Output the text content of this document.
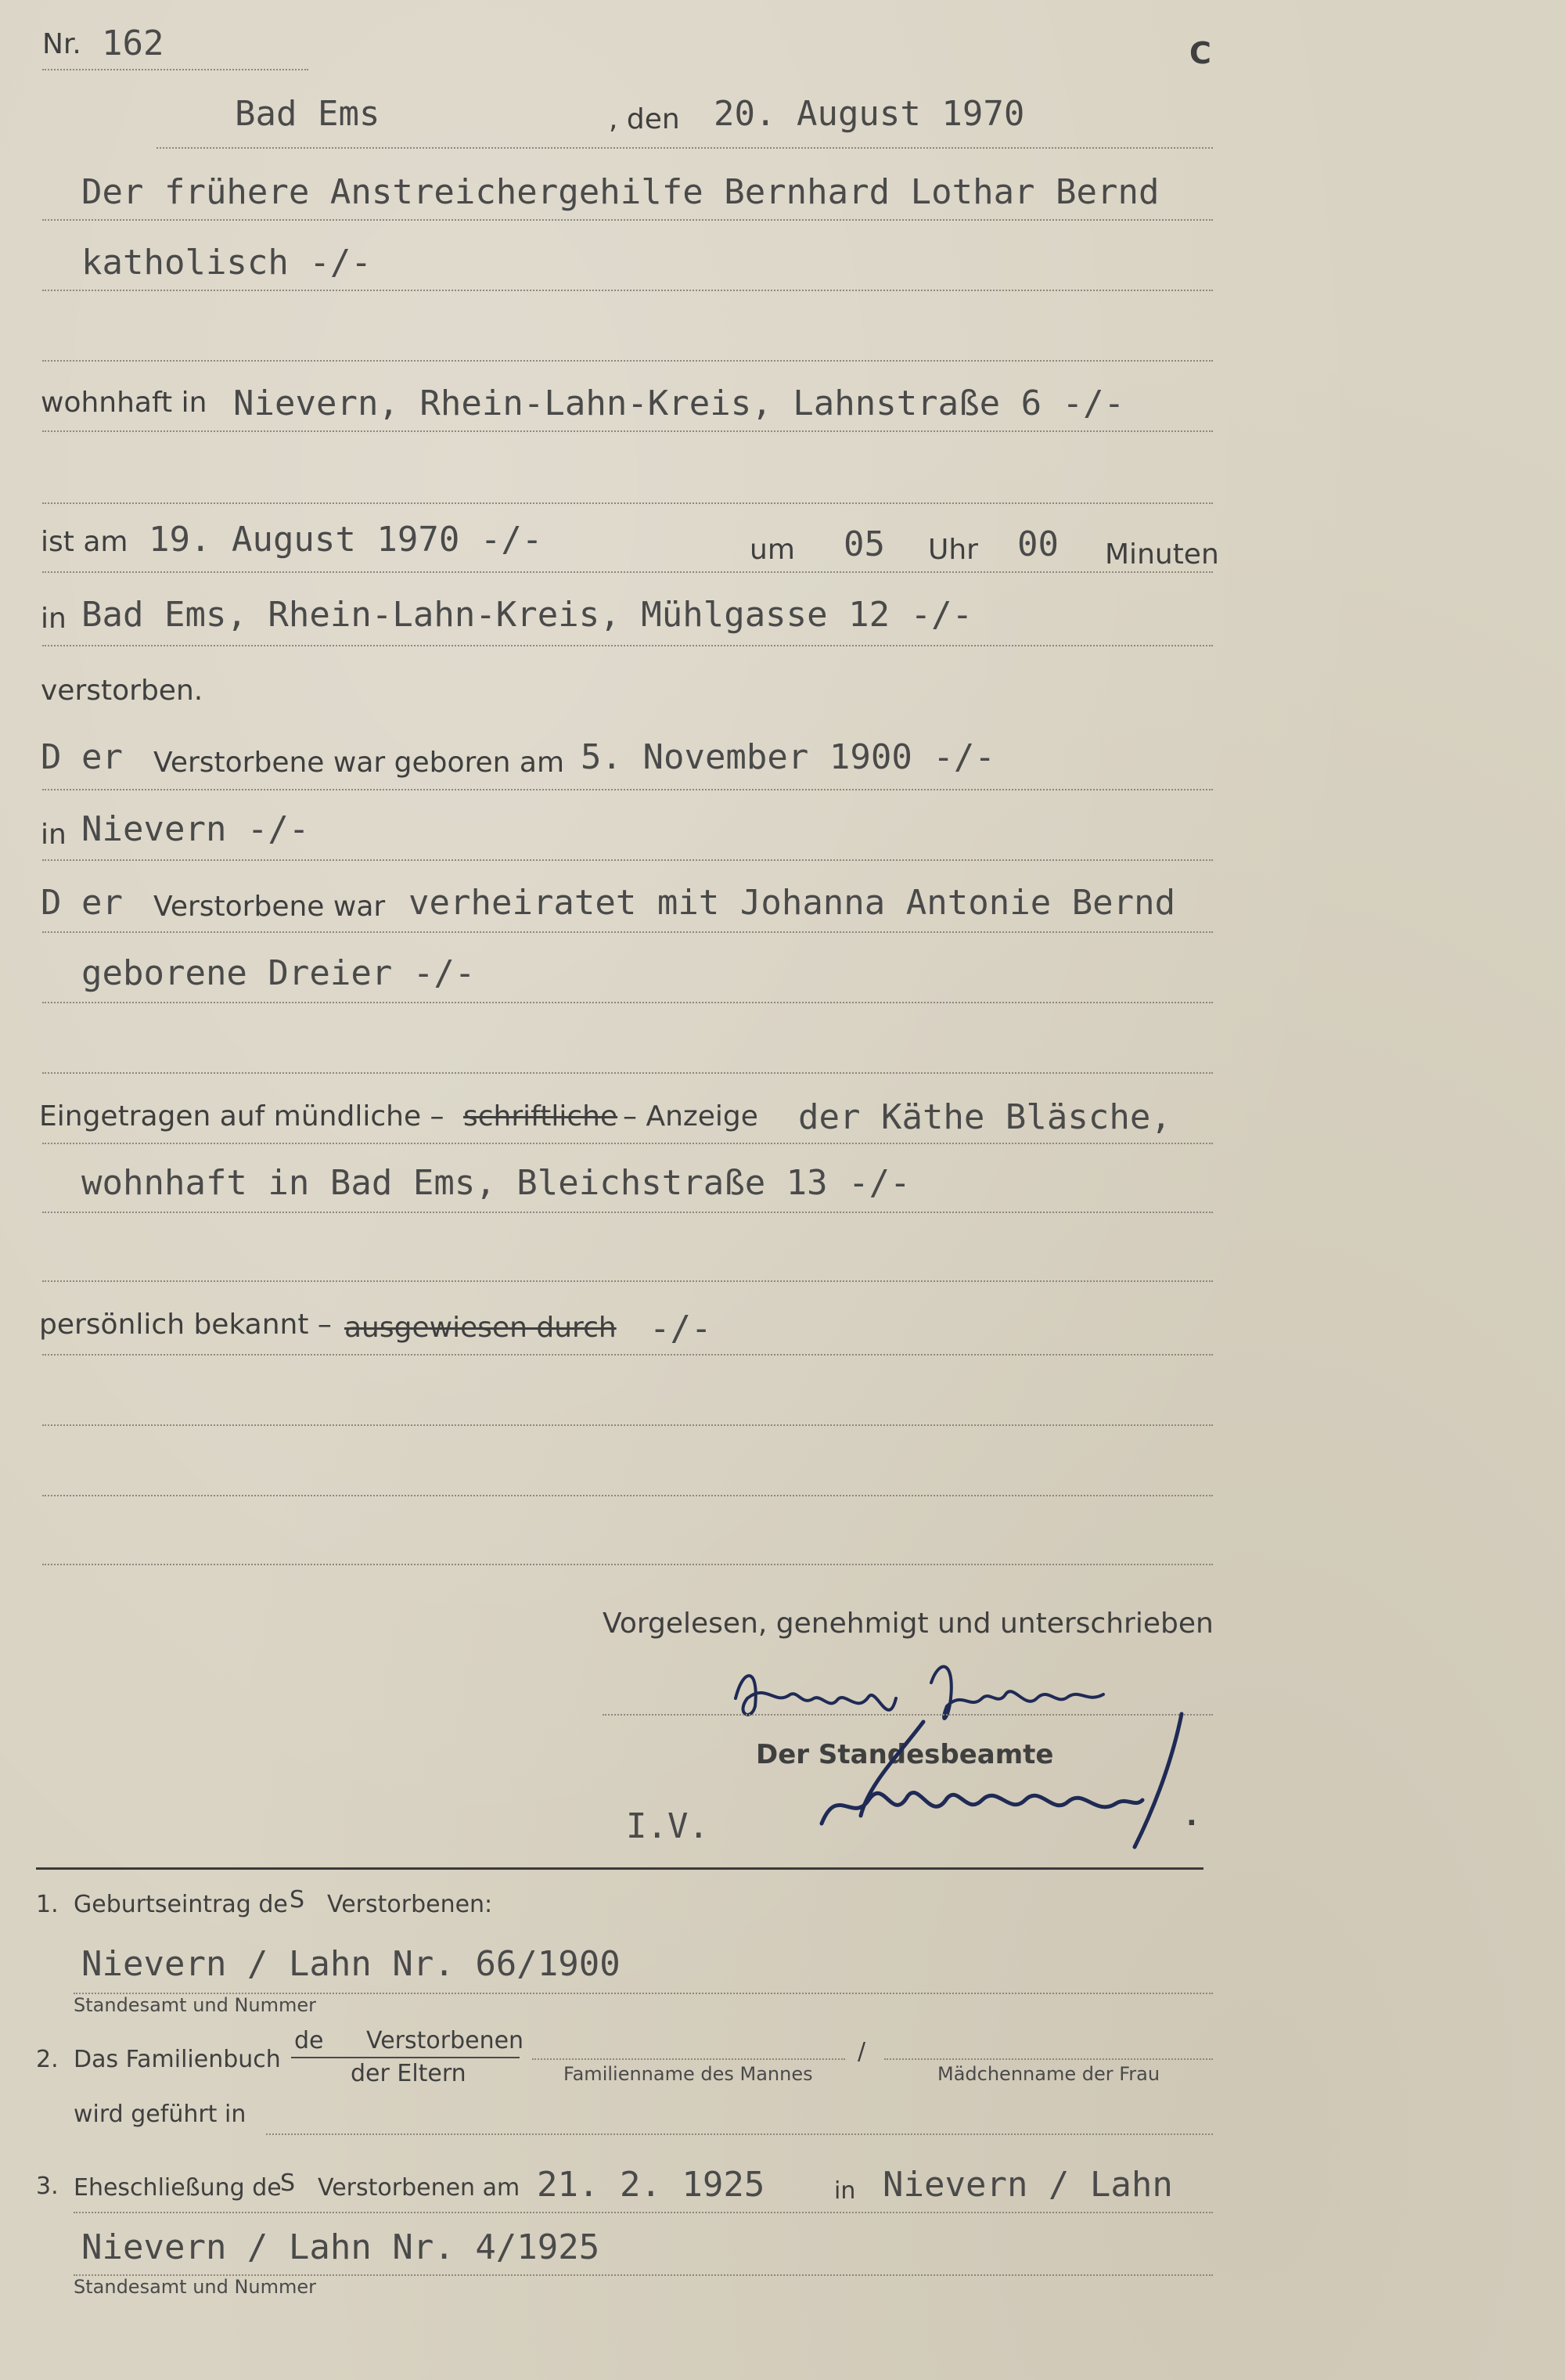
Nr. 162	C
Bad Ems	, den 20. August 1970
Der frühere Anstreichergehilfe Bernhard Lothar Bernd
katholisch -/-
wohnhaft in Nievern, Rhein-Lahn-Kreis, Lahnstraße 6 -/-
ist am 19. August 1970 -/-	um 05 Uhr 00 Minuten
in Bad Ems, Rhein-Lahn-Kreis, Mühlgasse 12 -/-
verstorben.
D er Verstorbene war geboren am 5. November 1900 -/-
in Nievern -/-
D er Verstorbene war verheiratet mit Johanna Antonie Bernd
geborene Dreier -/-
Eingetragen auf mündliche – schriftliche – Anzeige der Käthe Bläsche,
wohnhaft in Bad Ems, Bleichstraße 13 -/-
persönlich bekannt – ausgewiesen durch -/-
Vorgelesen, genehmigt und unterschrieben
Der Standesbeamte
I.V.	.
1. Geburtseintrag de S Verstorbenen:
Nievern / Lahn Nr. 66/1900
Standesamt und Nummer
2. Das Familienbuch
de Verstorbenen
der Eltern	Familienname des Mannes
/
Mädchenname der Frau
wird geführt in
3. Eheschließung de
S Verstorbenen am 21. 2. 1925	in Nievern / Lahn
Nievern / Lahn Nr. 4/1925
Standesamt und Nummer
